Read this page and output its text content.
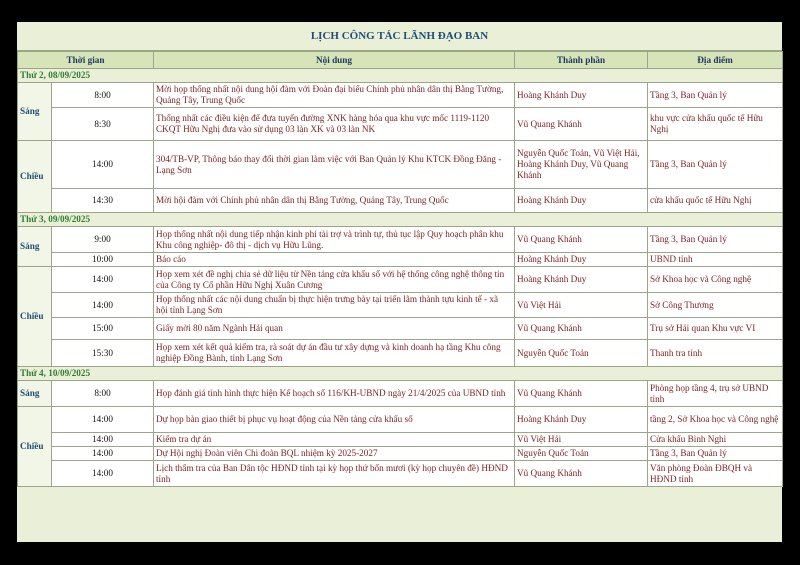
LỊCH CÔNG TÁC LÃNH ĐẠO BAN
Thời gian		Nội dung	Thành phần	Địa điểm
Thứ 2, 08/09/2025				
Sáng	8:00	Mời họp thống nhất nội dung hội đàm với Đoàn đại biểu Chính phủ nhân dân thị Bằng Tường, Quảng Tây, Trung Quốc	Hoàng Khánh Duy	Tầng 3, Ban Quản lý
	8:30	Thống nhất các điều kiện để đưa tuyến đường XNK hàng hóa qua khu vực mốc 1119-1120 CKQT Hữu Nghị đưa vào sử dụng 03 làn XK và 03 làn NK	Vũ Quang Khánh	khu vực cửa khẩu quốc tế Hữu Nghị
Chiều	14:00	304/TB-VP, Thông báo thay đổi thời gian làm việc với Ban Quản lý Khu KTCK Đồng Đăng - Lạng Sơn	Nguyễn Quốc Toản, Vũ Việt Hải, Hoàng Khánh Duy, Vũ Quang Khánh	Tầng 3, Ban Quản lý
	14:30	Mời hội đàm với Chính phủ nhân dân thị Bằng Tường, Quảng Tây, Trung Quốc	Hoàng Khánh Duy	cửa khẩu quốc tế Hữu Nghị
Thứ 3, 09/09/2025				
Sáng	9:00	Họp thống nhất nội dung tiếp nhận kinh phí tài trợ và trình tự, thủ tục lập Quy hoạch phân khu Khu công nghiệp- đô thị - dịch vụ Hữu Lũng.	Vũ Quang Khánh	Tầng 3, Ban Quản lý
	10:00	Báo cáo	Hoàng Khánh Duy	UBND tỉnh
Chiều	14:00	Họp xem xét đề nghị chia sẻ dữ liệu từ Nền tảng cửa khẩu số với hệ thống công nghệ thông tin của Công ty Cổ phần Hữu Nghị Xuân Cương	Hoàng Khánh Duy	Sở Khoa học và Công nghệ
	14:00	Họp thống nhất các nội dung chuẩn bị thực hiện trưng bày tại triển lãm thành tựu kinh tế - xã hội tỉnh Lạng Sơn	Vũ Việt Hải	Sở Công Thương
	15:00	Giấy mời 80 năm Ngành Hải quan	Vũ Quang Khánh	Trụ sở Hải quan Khu vực VI
	15:30	Họp xem xét kết quả kiểm tra, rà soát dự án đầu tư xây dựng và kinh doanh hạ tầng Khu công nghiệp Đồng Bành, tỉnh Lạng Sơn	Nguyễn Quốc Toản	Thanh tra tỉnh
Thứ 4, 10/09/2025				
Sáng	8:00	Họp đánh giá tình hình thực hiện Kế hoạch số 116/KH-UBND ngày 21/4/2025 của UBND tỉnh	Vũ Quang Khánh	Phòng họp tầng 4, trụ sở UBND tỉnh
Chiều	14:00	Dự họp bàn giao thiết bị phục vụ hoạt động của Nền tảng cửa khẩu số	Hoàng Khánh Duy	tầng 2, Sở Khoa học và Công nghệ
	14:00	Kiểm tra dự án	Vũ Việt Hải	Cửa khẩu Bình Nghi
	14:00	Dự Hội nghị Đoàn viên Chi đoàn BQL nhiệm kỳ 2025-2027	Nguyễn Quốc Toản	Tầng 3, Ban Quản lý
	14:00	Lịch thẩm tra của Ban Dân tộc HĐND tỉnh tại kỳ họp thứ bốn mươi (kỳ họp chuyên đề) HĐND tỉnh	Vũ Quang Khánh	Văn phòng Đoàn ĐBQH và HĐND tỉnh
